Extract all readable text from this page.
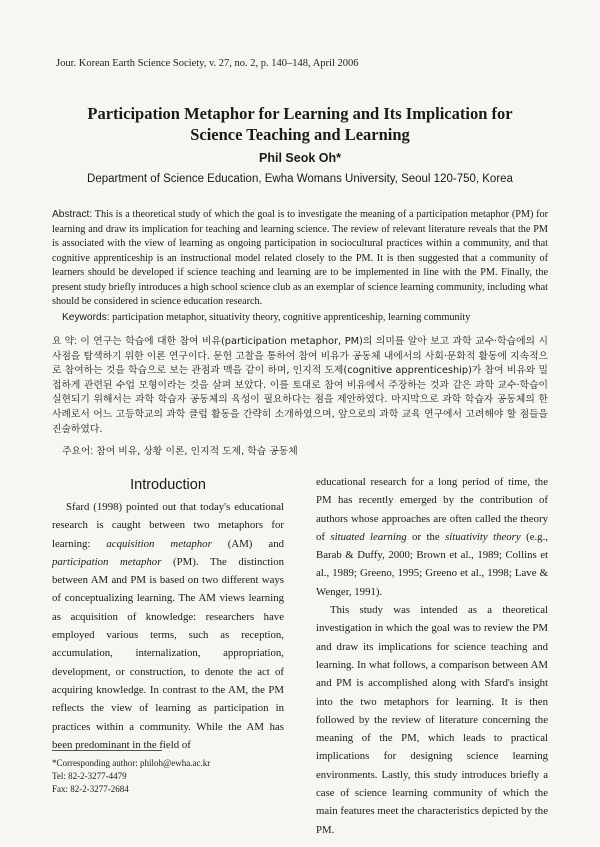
Jour. Korean Earth Science Society, v. 27, no. 2, p. 140–148, April 2006
Participation Metaphor for Learning and Its Implication for
Science Teaching and Learning
Phil Seok Oh*
Department of Science Education, Ewha Womans University, Seoul 120-750, Korea
Abstract: This is a theoretical study of which the goal is to investigate the meaning of a participation metaphor (PM) for learning and draw its implication for teaching and learning science. The review of relevant literature reveals that the PM is associated with the view of learning as ongoing participation in sociocultural practices within a community, and that cognitive apprenticeship is an instructional model related closely to the PM. It is then suggested that a community of learners should be developed if science teaching and learning are to be implemented in line with the PM. Finally, the present study briefly introduces a high school science club as an exemplar of science learning community, including what should be considered in science education research.
Keywords: participation metaphor, situativity theory, cognitive apprenticeship, learning community
요 약: 이 연구는 학습에 대한 참여 비유(participation metaphor, PM)의 의미를 알아 보고 과학 교수·학습에의 시사점을 탐색하기 위한 이론 연구이다. 문헌 고찰을 통하여 참여 비유가 공동체 내에서의 사회·문화적 활동에 지속적으로 참여하는 것을 학습으로 보는 관점과 맥을 같이 하며, 인지적 도제(cognitive apprenticeship)가 참여 비유와 밀접하게 관련된 수업 모형이라는 것을 살펴 보았다. 이를 토대로 참여 비유에서 주장하는 것과 같은 과학 교수·학습이 실현되기 위해서는 과학 학습자 공동체의 육성이 필요하다는 점을 제안하였다. 마지막으로 과학 학습자 공동체의 한 사례로서 어느 고등학교의 과학 클럽 활동을 간략히 소개하였으며, 앞으로의 과학 교육 연구에서 고려해야 할 점들을 진술하였다.
주요어: 참여 비유, 상황 이론, 인지적 도제, 학습 공동체
Introduction

Sfard (1998) pointed out that today's educational research is caught between two metaphors for learning: acquisition metaphor (AM) and participation metaphor (PM). The distinction between AM and PM is based on two different ways of conceptualizing learning. The AM views learning as acquisition of knowledge: researchers have employed various terms, such as reception, accumulation, internalization, appropriation, development, or construction, to denote the act of acquiring knowledge. In contrast to the AM, the PM reflects the view of learning as participation in practices within a community. While the AM has been predominant in the field of

educational research for a long period of time, the PM has recently emerged by the contribution of authors whose approaches are often called the theory of situated learning or the situativity theory (e.g., Barab & Duffy, 2000; Brown et al., 1989; Collins et al., 1989; Greeno, 1995; Greeno et al., 1998; Lave & Wenger, 1991).

This study was intended as a theoretical investigation in which the goal was to review the PM and draw its implications for science teaching and learning. In what follows, a comparison between AM and PM is accomplished along with Sfard's insight into the two metaphors for learning. It is then followed by the review of literature concerning the meaning of the PM, which leads to practical implications for designing science learning environments. Lastly, this study introduces briefly a case of science learning community of which the main features meet the characteristics depicted by the PM.

*Corresponding author: philoh@ewha.ac.kr
Tel: 82-2-3277-4479
Fax: 82-2-3277-2684
